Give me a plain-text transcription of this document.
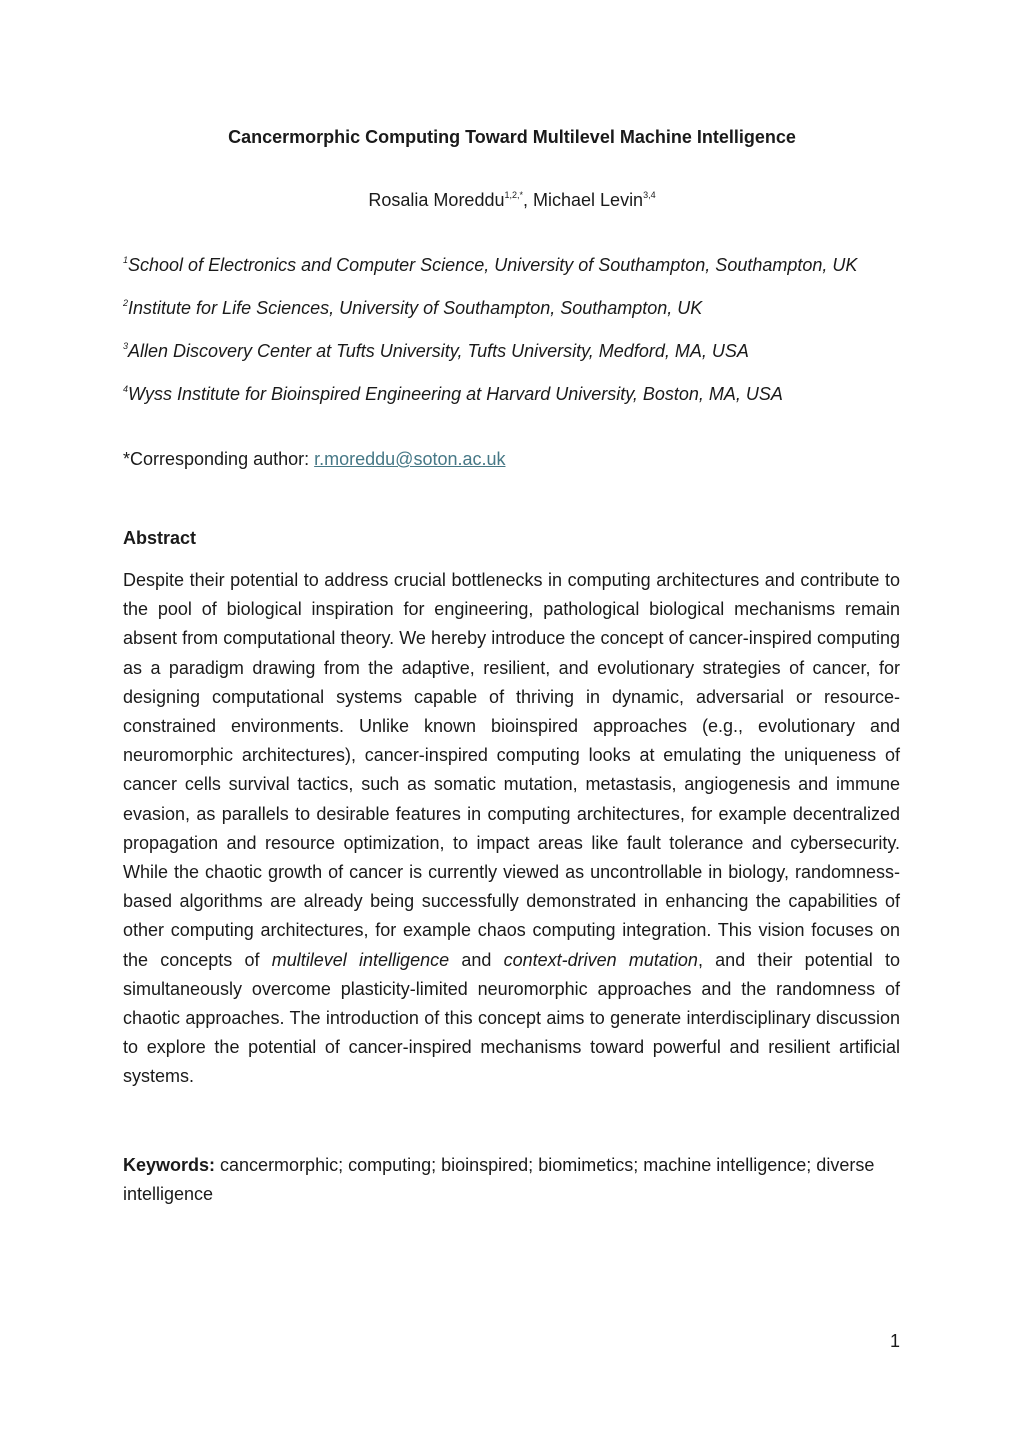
Cancermorphic Computing Toward Multilevel Machine Intelligence
Rosalia Moreddu$^{1,2,*}$, Michael Levin$^{3,4}$
$^1$School of Electronics and Computer Science, University of Southampton, Southampton, UK
$^2$Institute for Life Sciences, University of Southampton, Southampton, UK
$^3$Allen Discovery Center at Tufts University, Tufts University, Medford, MA, USA
$^4$Wyss Institute for Bioinspired Engineering at Harvard University, Boston, MA, USA
*Corresponding author: r.moreddu@soton.ac.uk
Abstract
Despite their potential to address crucial bottlenecks in computing architectures and contribute to the pool of biological inspiration for engineering, pathological biological mechanisms remain absent from computational theory. We hereby introduce the concept of cancer-inspired computing as a paradigm drawing from the adaptive, resilient, and evolutionary strategies of cancer, for designing computational systems capable of thriving in dynamic, adversarial or resource-constrained environments. Unlike known bioinspired approaches (e.g., evolutionary and neuromorphic architectures), cancer-inspired computing looks at emulating the uniqueness of cancer cells survival tactics, such as somatic mutation, metastasis, angiogenesis and immune evasion, as parallels to desirable features in computing architectures, for example decentralized propagation and resource optimization, to impact areas like fault tolerance and cybersecurity. While the chaotic growth of cancer is currently viewed as uncontrollable in biology, randomness-based algorithms are already being successfully demonstrated in enhancing the capabilities of other computing architectures, for example chaos computing integration. This vision focuses on the concepts of multilevel intelligence and context-driven mutation, and their potential to simultaneously overcome plasticity-limited neuromorphic approaches and the randomness of chaotic approaches. The introduction of this concept aims to generate interdisciplinary discussion to explore the potential of cancer-inspired mechanisms toward powerful and resilient artificial systems.
Keywords: cancermorphic; computing; bioinspired; biomimetics; machine intelligence; diverse intelligence
1
